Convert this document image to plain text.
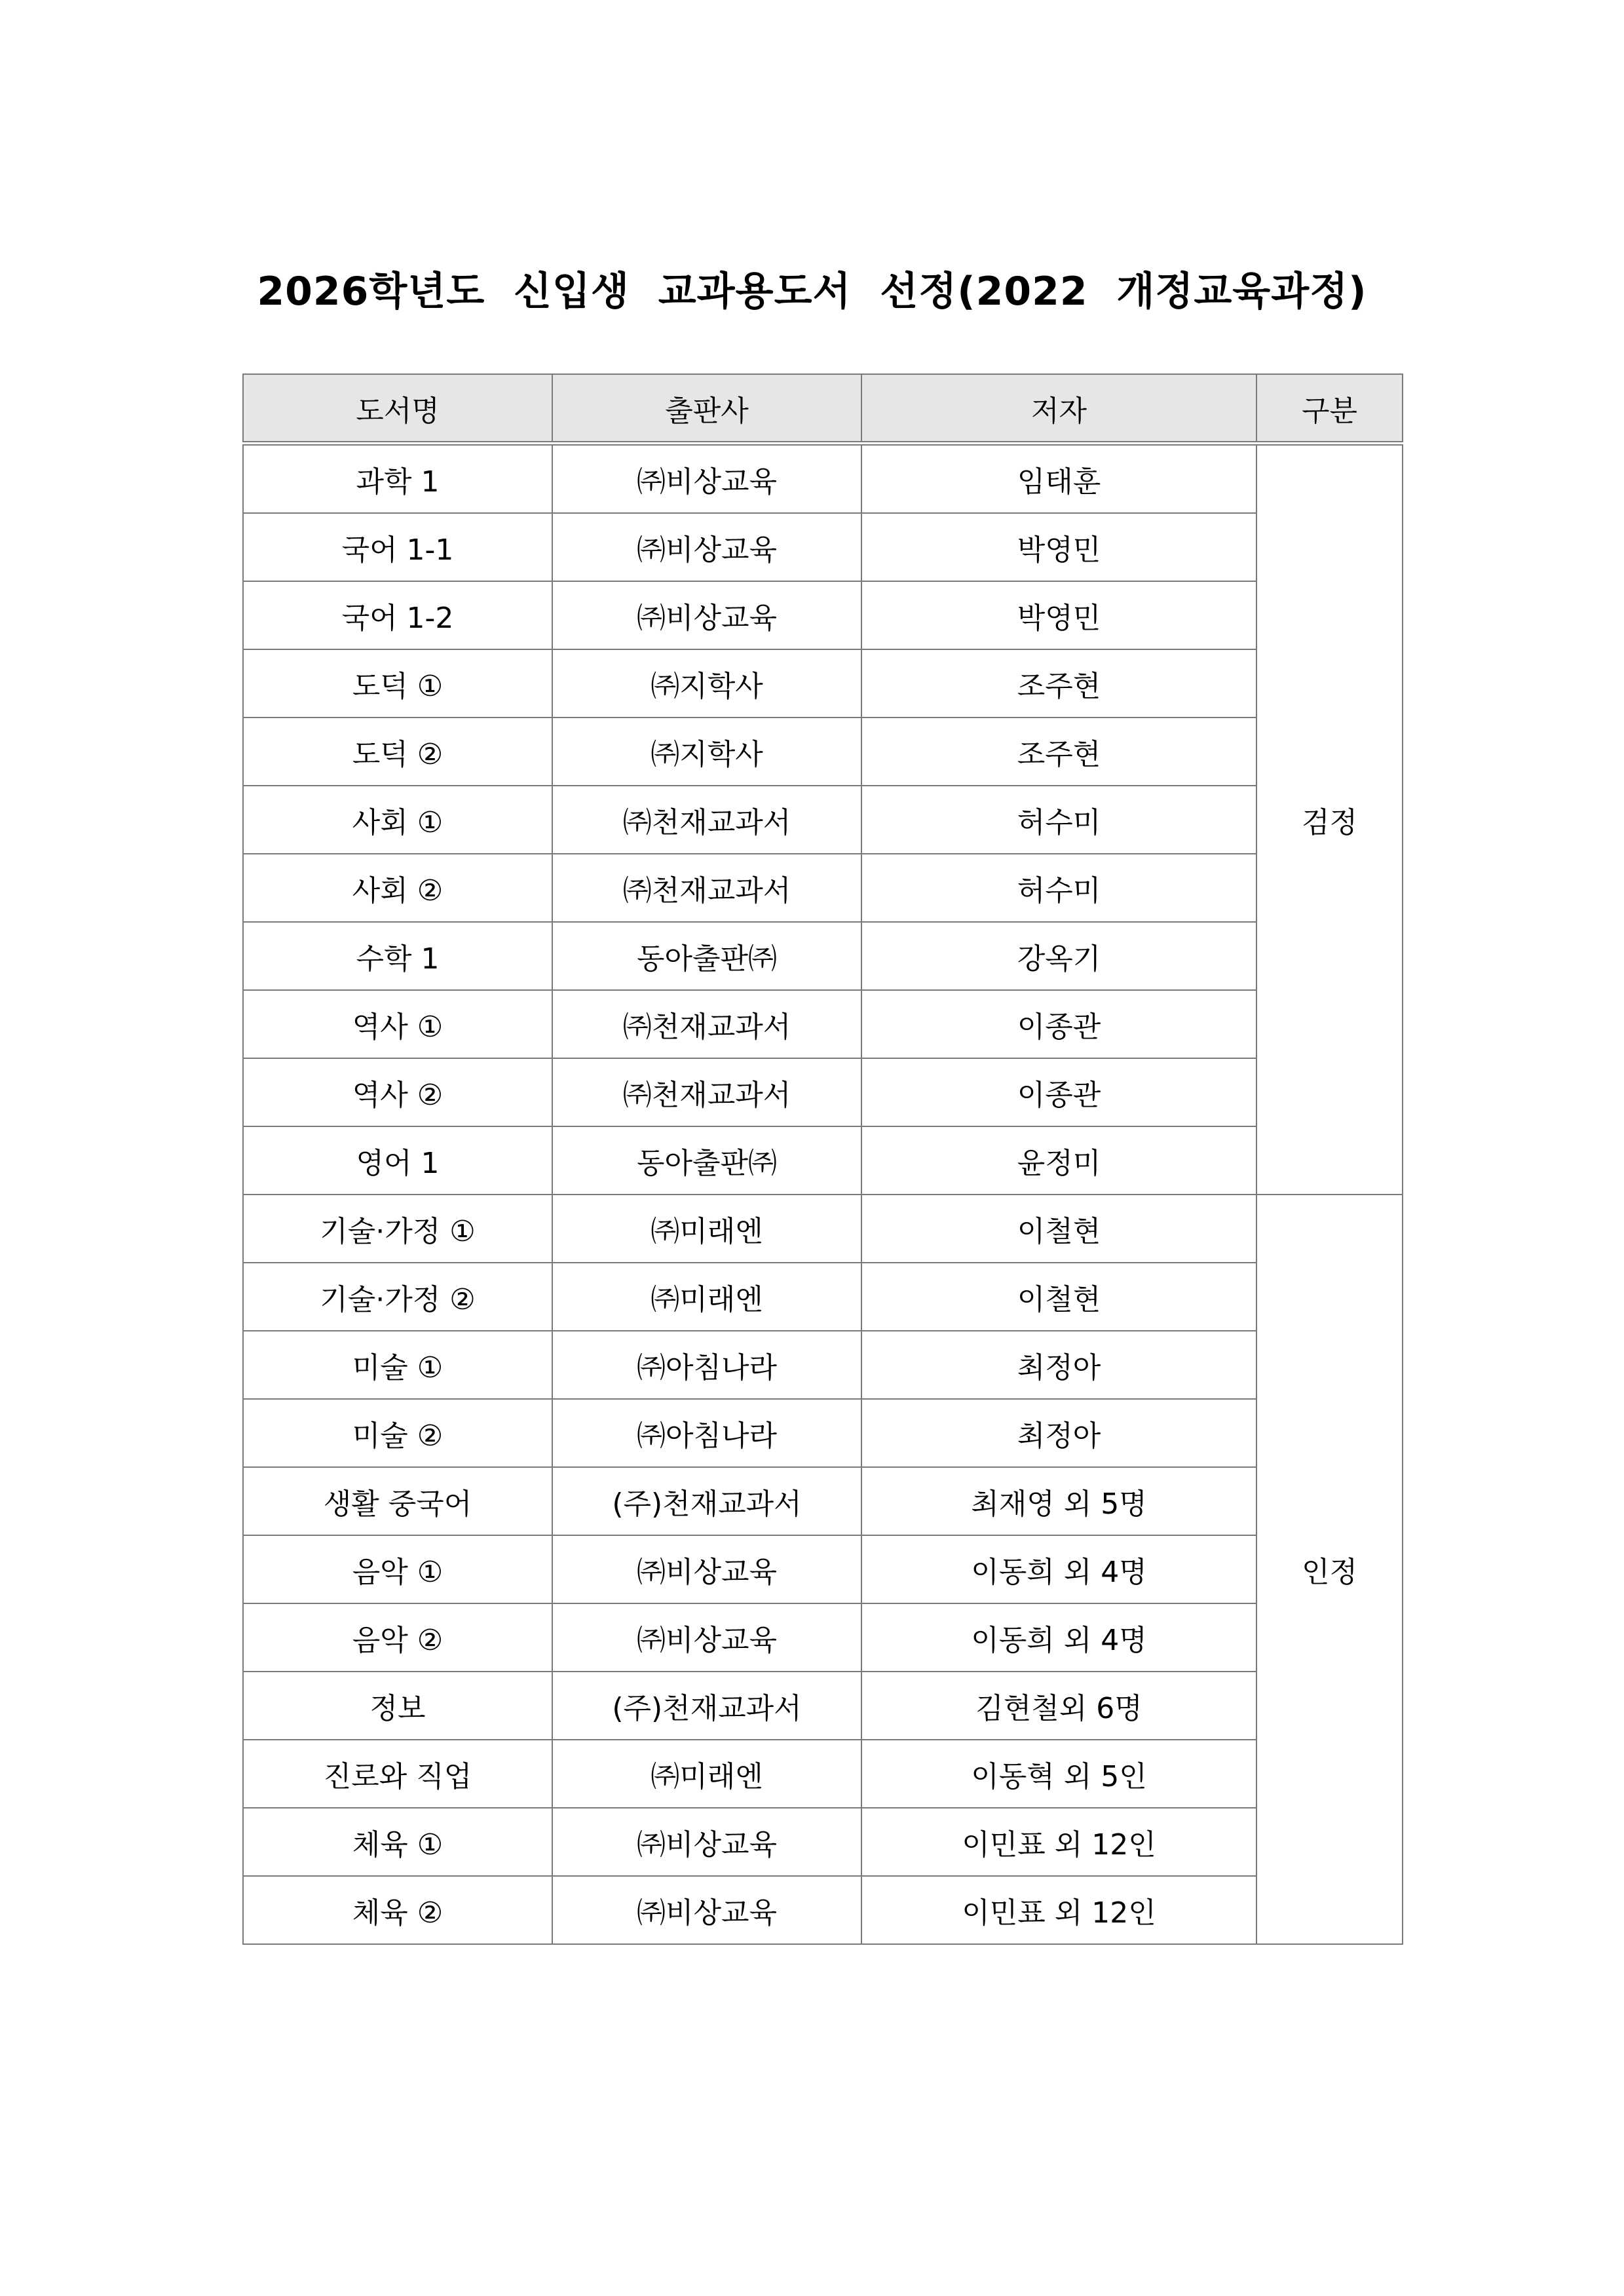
2026학년도  신입생  교과용도서  선정(2022  개정교육과정)
도서명	출판사	저자	구분
과학 1	㈜비상교육	임태훈	검정
국어 1-1	㈜비상교육	박영민	
국어 1-2	㈜비상교육	박영민	
도덕 ①	㈜지학사	조주현	
도덕 ②	㈜지학사	조주현	
사회 ①	㈜천재교과서	허수미	
사회 ②	㈜천재교과서	허수미	
수학 1	동아출판㈜	강옥기	
역사 ①	㈜천재교과서	이종관	
역사 ②	㈜천재교과서	이종관	
영어 1	동아출판㈜	윤정미	
기술·가정 ①	㈜미래엔	이철현	인정
기술·가정 ②	㈜미래엔	이철현	
미술 ①	㈜아침나라	최정아	
미술 ②	㈜아침나라	최정아	
생활 중국어	(주)천재교과서	최재영 외 5명	
음악 ①	㈜비상교육	이동희 외 4명	
음악 ②	㈜비상교육	이동희 외 4명	
정보	(주)천재교과서	김현철외 6명	
진로와 직업	㈜미래엔	이동혁 외 5인	
체육 ①	㈜비상교육	이민표 외 12인	
체육 ②	㈜비상교육	이민표 외 12인	
